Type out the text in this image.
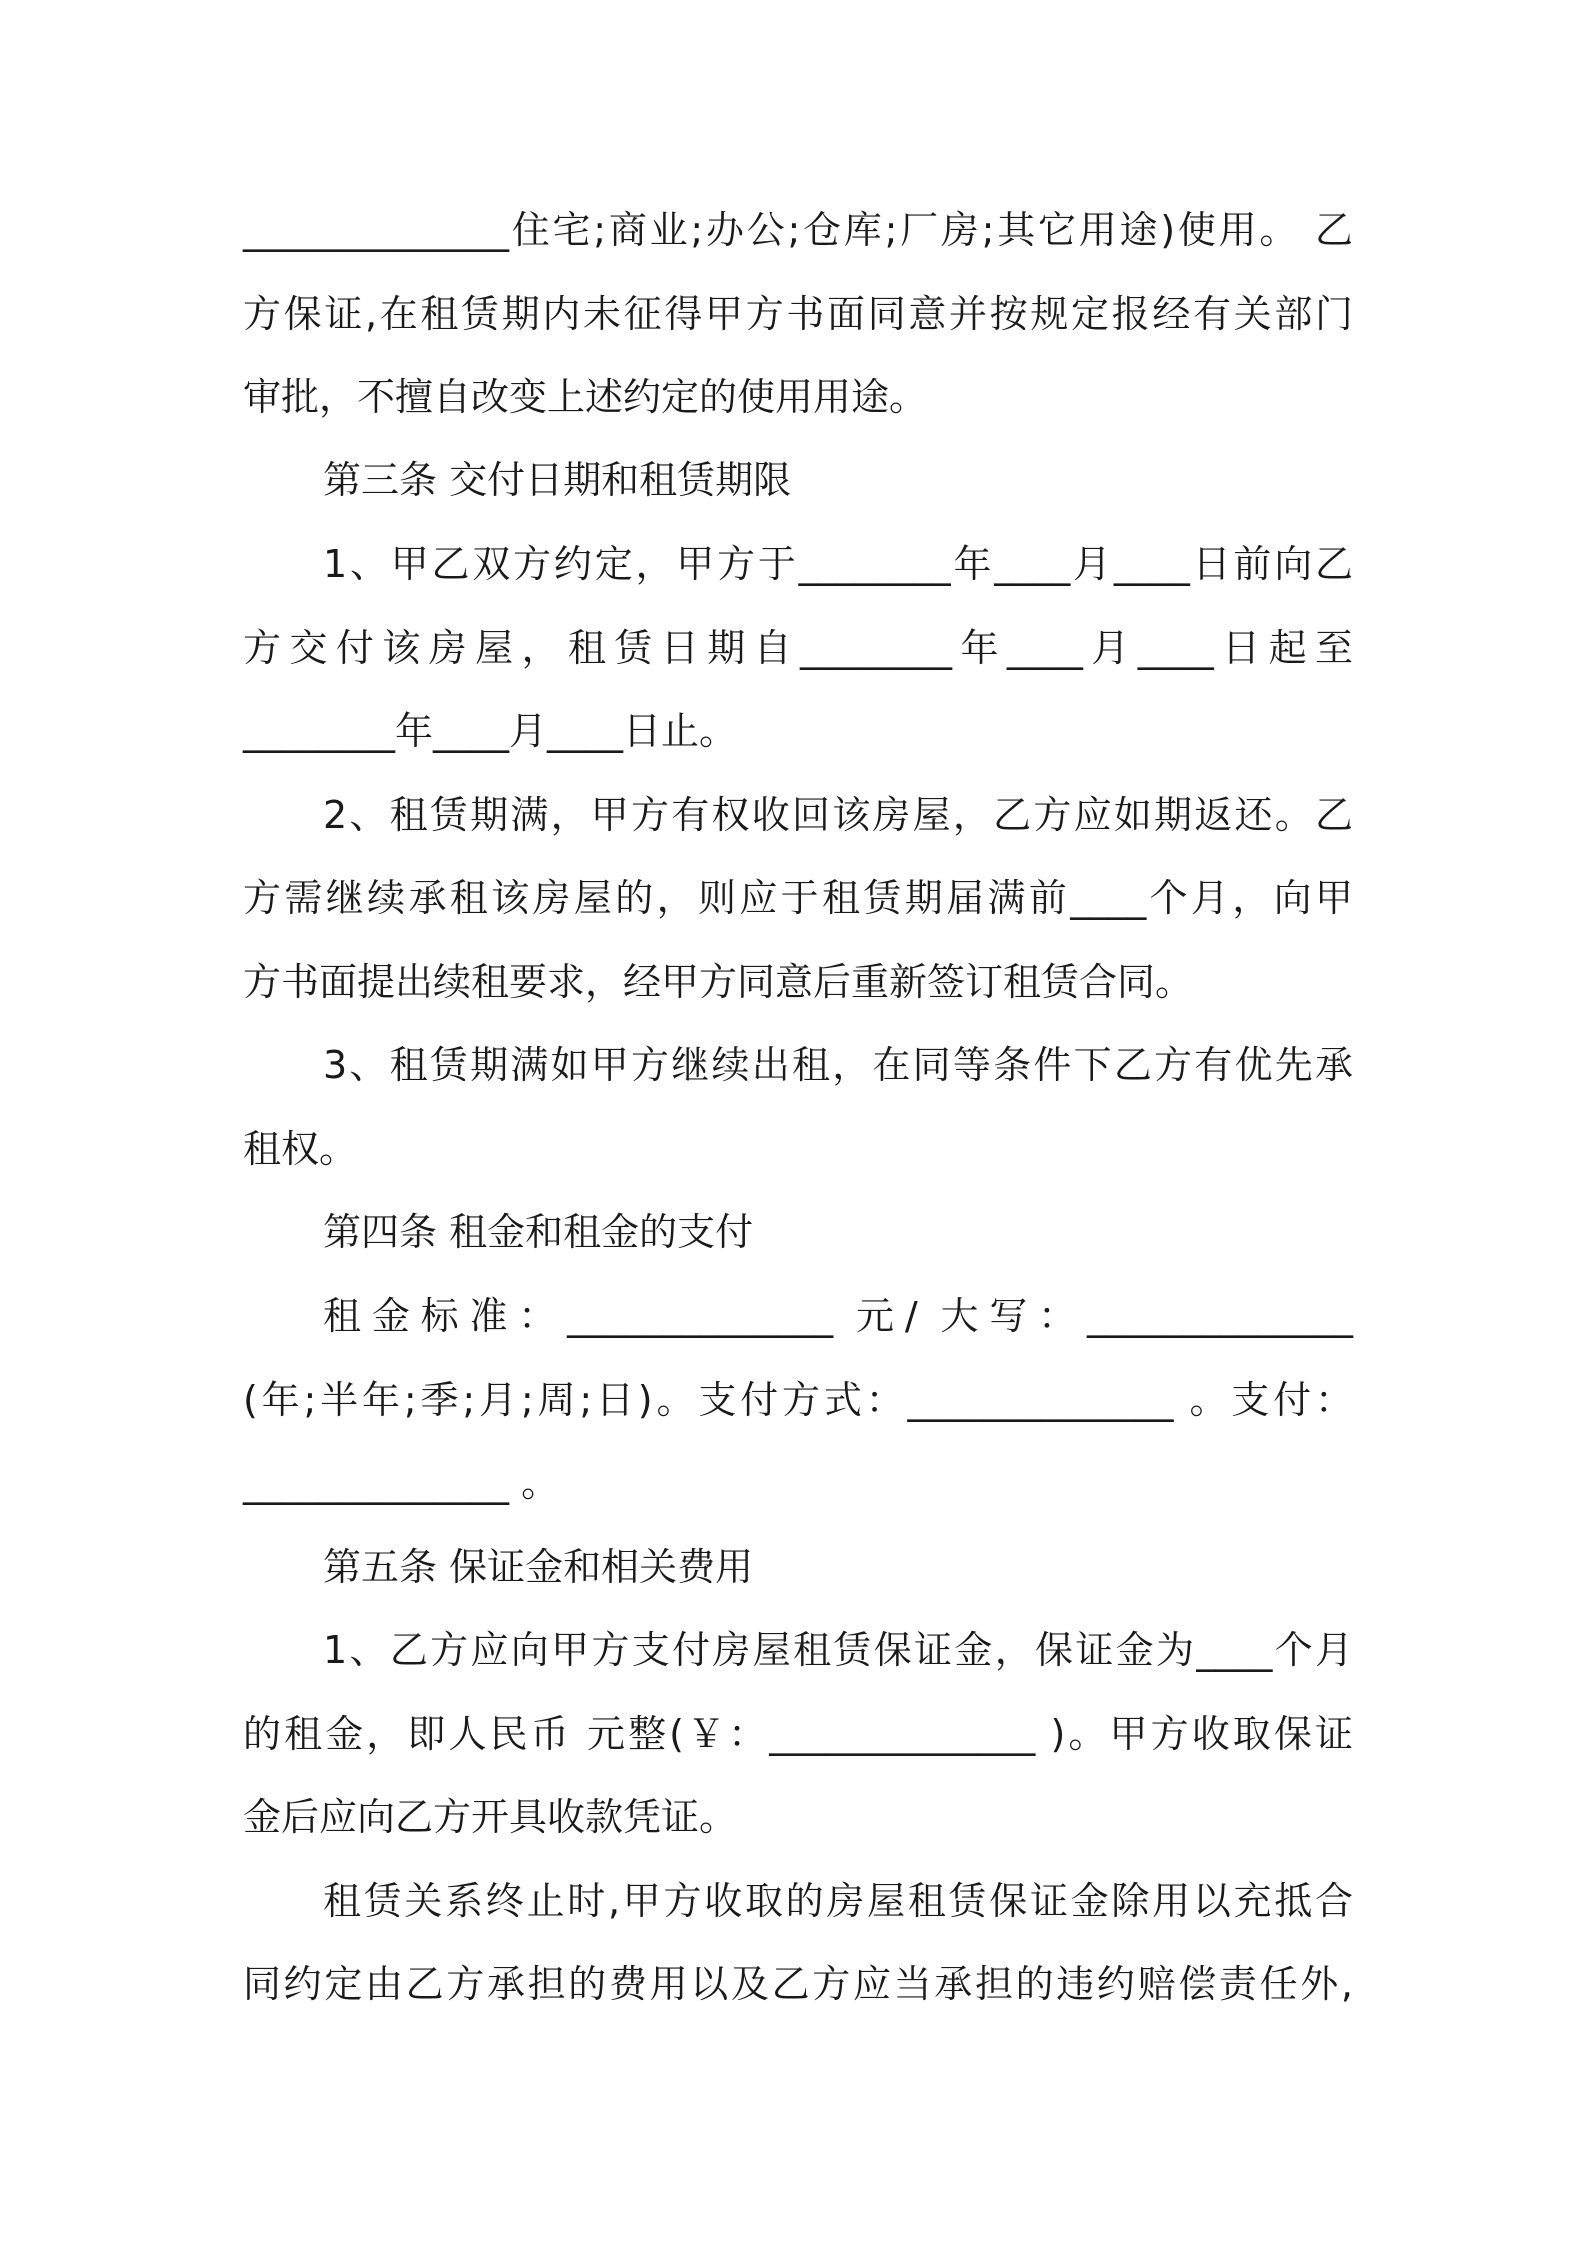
______________住宅;商业;办公;仓库;厂房;其它用途)使用。 乙

方保证,在租赁期内未征得甲方书面同意并按规定报经有关部门

审批，不擅自改变上述约定的使用用途。

第三条 交付日期和租赁期限

1、甲乙双方约定，甲方于________年____月____日前向乙

方交付该房屋，租赁日期自________年____月____日起至

________年____月____日止。

2、租赁期满，甲方有权收回该房屋，乙方应如期返还。乙

方需继续承租该房屋的，则应于租赁期届满前____个月，向甲

方书面提出续租要求，经甲方同意后重新签订租赁合同。

3、租赁期满如甲方继续出租，在同等条件下乙方有优先承

租权。

第四条 租金和租金的支付

租金标准：______________ 元/ 大写：______________

(年;半年;季;月;周;日)。支付方式：______________ 。支付：

______________ 。

第五条 保证金和相关费用

1、乙方应向甲方支付房屋租赁保证金，保证金为____个月

的租金，即人民币 元整(￥：______________ )。甲方收取保证

金后应向乙方开具收款凭证。

租赁关系终止时,甲方收取的房屋租赁保证金除用以充抵合

同约定由乙方承担的费用以及乙方应当承担的违约赔偿责任外,
